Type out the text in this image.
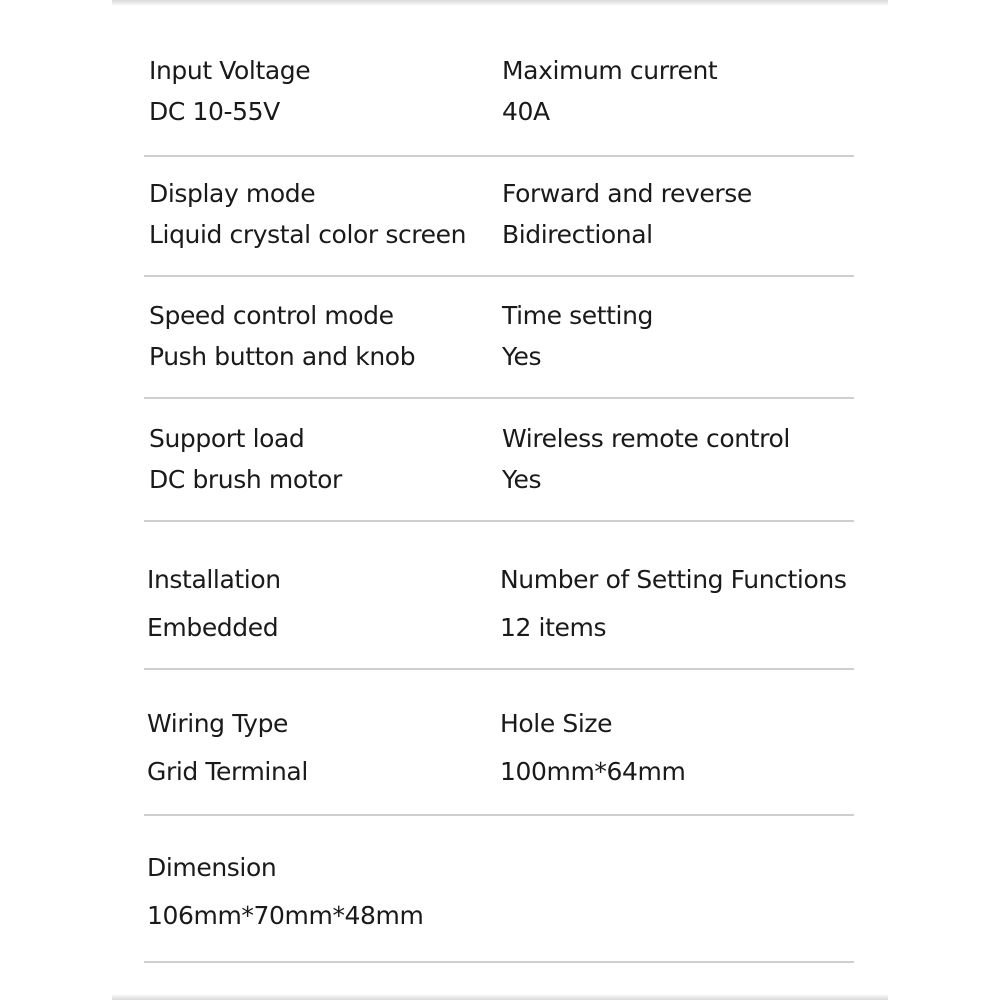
Input Voltage
DC 10-55V
Maximum current
40A
Display mode
Liquid crystal color screen
Forward and reverse
Bidirectional
Speed control mode
Push button and knob
Time setting
Yes
Support load
DC brush motor
Wireless remote control
Yes
Installation
Embedded
Number of Setting Functions
12 items
Wiring Type
Grid Terminal
Hole Size
100mm*64mm
Dimension
106mm*70mm*48mm
